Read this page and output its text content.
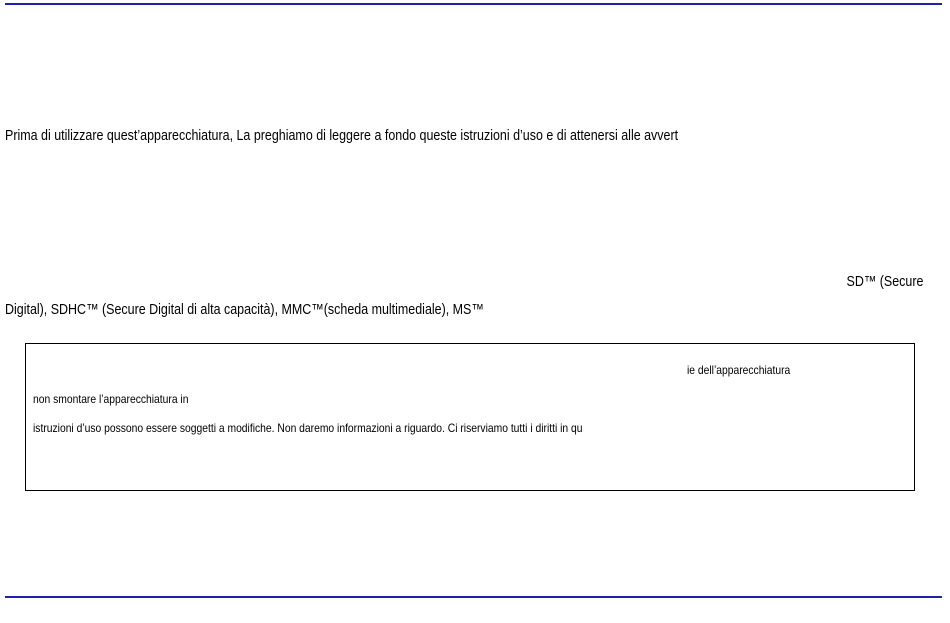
Prima di utilizzare quest’apparecchiatura, La preghiamo di leggere a fondo queste istruzioni d’uso e di attenersi alle avvert
SD™ (Secure
Digital), SDHC™ (Secure Digital di alta capacità), MMC™(scheda multimediale), MS™
ie dell’apparecchiatura
non smontare l’apparecchiatura in
istruzioni d’uso possono essere soggetti a modifiche. Non daremo informazioni a riguardo. Ci riserviamo tutti i diritti in qu
